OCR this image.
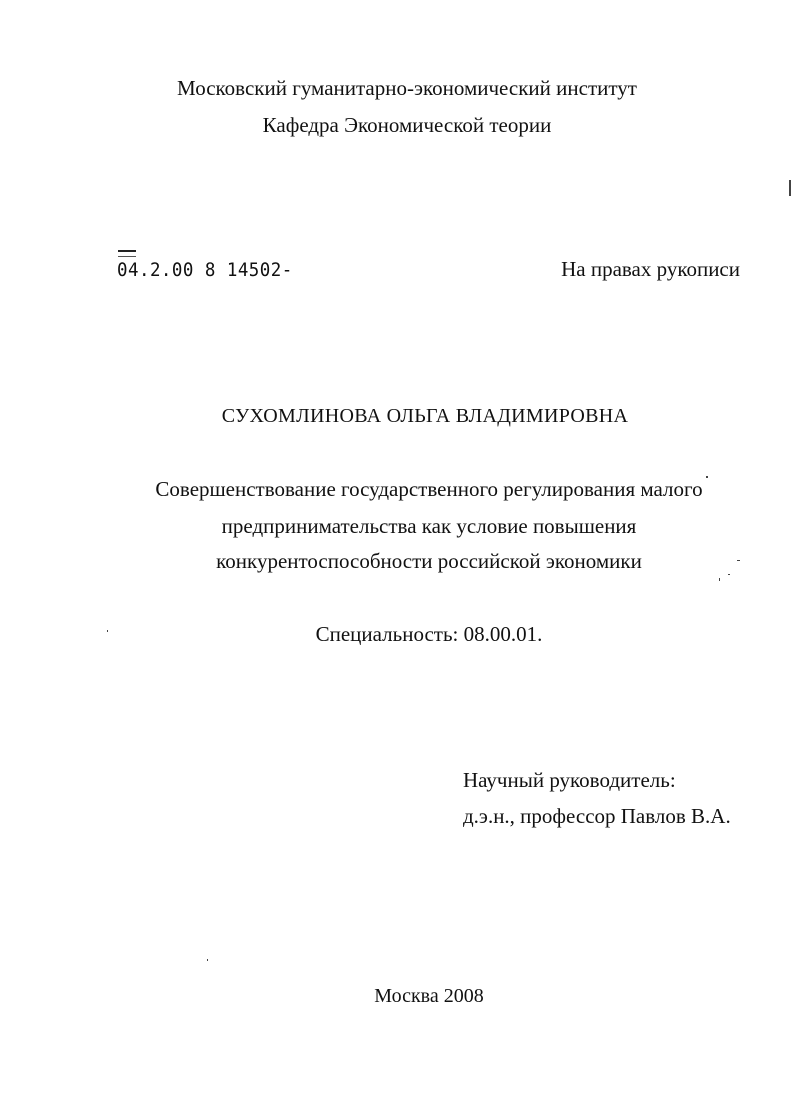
Московский гуманитарно-экономический институт
Кафедра Экономической теории
04.2.00 8 14502-	На правах рукописи
СУХОМЛИНОВА ОЛЬГА ВЛАДИМИРОВНА
Совершенствование государственного регулирования малого
предпринимательства как условие повышения
конкурентоспособности российской экономики
Специальность: 08.00.01.
Научный руководитель:
д.э.н., профессор Павлов В.А.
Москва 2008
